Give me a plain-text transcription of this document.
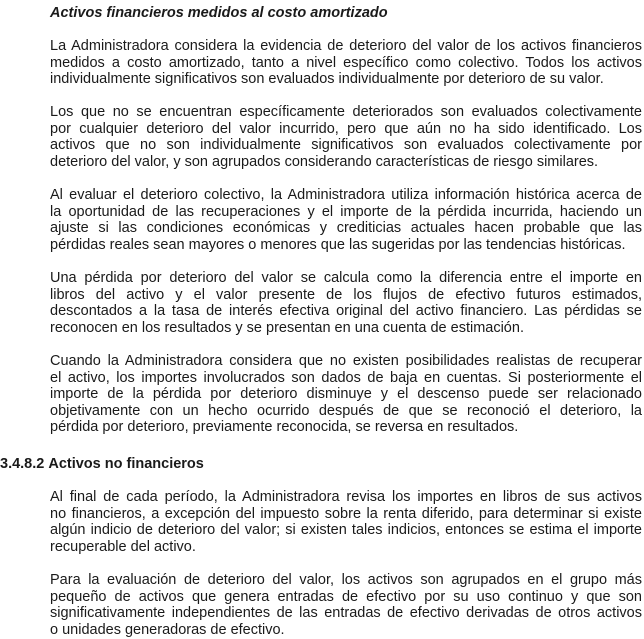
Activos financieros medidos al costo amortizado

La Administradora considera la evidencia de deterioro del valor de los activos financieros
medidos a costo amortizado, tanto a nivel específico como colectivo. Todos los activos
individualmente significativos son evaluados individualmente por deterioro de su valor.

Los que no se encuentran específicamente deteriorados son evaluados colectivamente
por cualquier deterioro del valor incurrido, pero que aún no ha sido identificado. Los
activos que no son individualmente significativos son evaluados colectivamente por
deterioro del valor, y son agrupados considerando características de riesgo similares.

Al evaluar el deterioro colectivo, la Administradora utiliza información histórica acerca de
la oportunidad de las recuperaciones y el importe de la pérdida incurrida, haciendo un
ajuste si las condiciones económicas y crediticias actuales hacen probable que las
pérdidas reales sean mayores o menores que las sugeridas por las tendencias históricas.

Una pérdida por deterioro del valor se calcula como la diferencia entre el importe en
libros del activo y el valor presente de los flujos de efectivo futuros estimados,
descontados a la tasa de interés efectiva original del activo financiero. Las pérdidas se
reconocen en los resultados y se presentan en una cuenta de estimación.

Cuando la Administradora considera que no existen posibilidades realistas de recuperar
el activo, los importes involucrados son dados de baja en cuentas. Si posteriormente el
importe de la pérdida por deterioro disminuye y el descenso puede ser relacionado
objetivamente con un hecho ocurrido después de que se reconoció el deterioro, la
pérdida por deterioro, previamente reconocida, se reversa en resultados.

3.4.8.2 Activos no financieros

Al final de cada período, la Administradora revisa los importes en libros de sus activos
no financieros, a excepción del impuesto sobre la renta diferido, para determinar si existe
algún indicio de deterioro del valor; si existen tales indicios, entonces se estima el importe
recuperable del activo.

Para la evaluación de deterioro del valor, los activos son agrupados en el grupo más
pequeño de activos que genera entradas de efectivo por su uso continuo y que son
significativamente independientes de las entradas de efectivo derivadas de otros activos
o unidades generadoras de efectivo.
